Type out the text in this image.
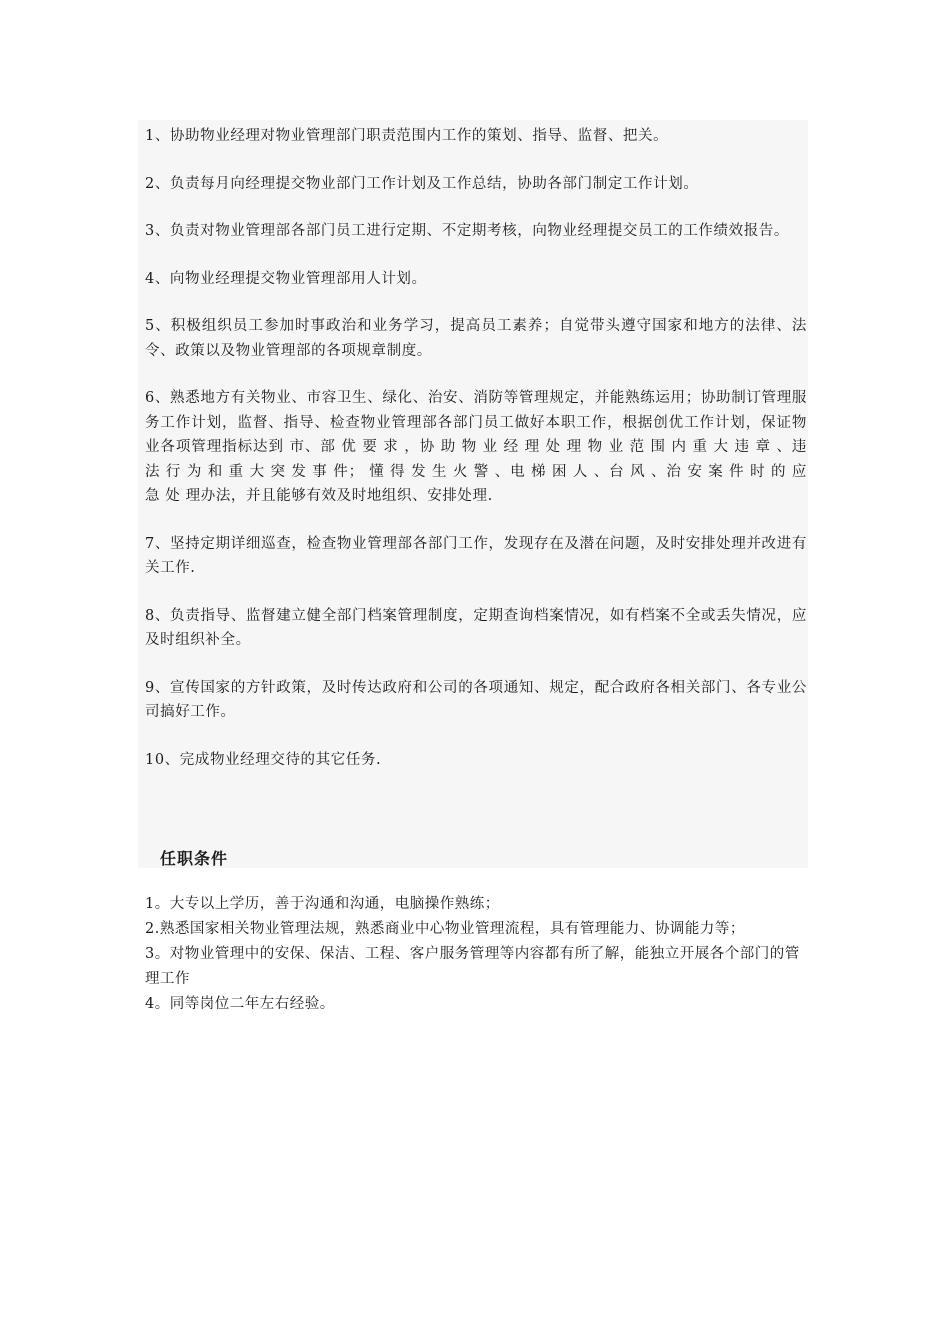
1、协助物业经理对物业管理部门职责范围内工作的策划、指导、监督、把关。
2、负责每月向经理提交物业部门工作计划及工作总结，协助各部门制定工作计划。
3、负责对物业管理部各部门员工进行定期、不定期考核，向物业经理提交员工的工作绩效报告。
4、向物业经理提交物业管理部用人计划。
5、积极组织员工参加时事政治和业务学习，提高员工素养；自觉带头遵守国家和地方的法律、法令、政策以及物业管理部的各项规章制度。
6、熟悉地方有关物业、市容卫生、绿化、治安、消防等管理规定，并能熟练运用；协助制订管理服务工作计划，监督、指导、检查物业管理部各部门员工做好本职工作，根据创优工作计划，保证物业各项管理指标达到 市、部 优 要 求 ，协 助 物 业 经 理 处 理 物 业 范 围 内 重 大 违 章 、违 法 行 为 和 重 大 突 发 事 件； 懂 得 发 生 火 警 、电 梯 困 人 、台 风 、治 安 案 件 时 的 应 急 处 理办法，并且能够有效及时地组织、安排处理.
7、坚持定期详细巡查，检查物业管理部各部门工作，发现存在及潜在问题，及时安排处理并改进有关工作.
8、负责指导、监督建立健全部门档案管理制度，定期查询档案情况，如有档案不全或丢失情况，应及时组织补全。
9、宣传国家的方针政策，及时传达政府和公司的各项通知、规定，配合政府各相关部门、各专业公司搞好工作。
10、完成物业经理交待的其它任务.
任职条件
1。大专以上学历，善于沟通和沟通，电脑操作熟练；
2.熟悉国家相关物业管理法规，熟悉商业中心物业管理流程，具有管理能力、协调能力等；
3。对物业管理中的安保、保洁、工程、客户服务管理等内容都有所了解，能独立开展各个部门的管理工作
4。同等岗位二年左右经验。
